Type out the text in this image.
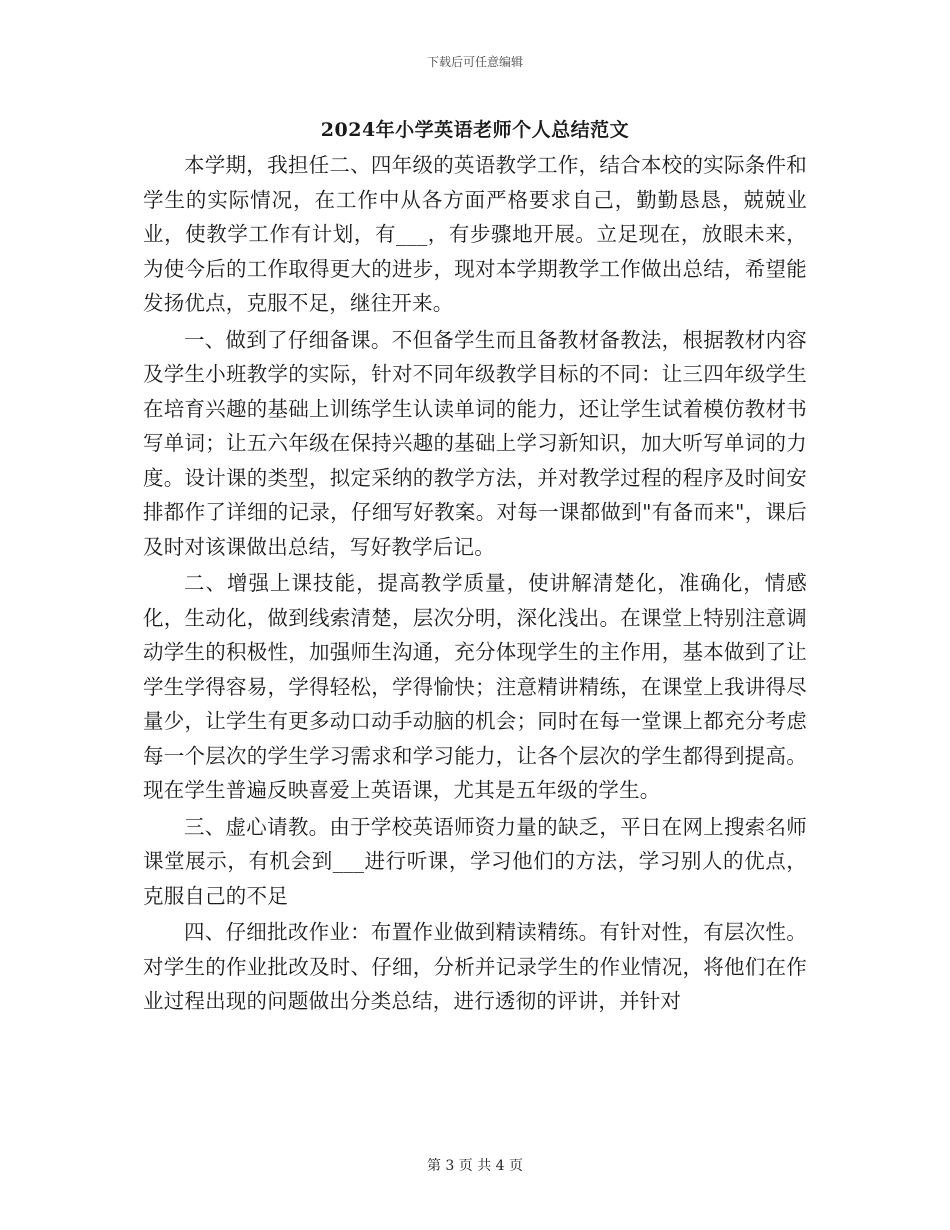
下载后可任意编辑
2024年小学英语老师个人总结范文

本学期，我担任二、四年级的英语教学工作，结合本校的实际条件和学生的实际情况，在工作中从各方面严格要求自己，勤勤恳恳，兢兢业业，使教学工作有计划，有___，有步骤地开展。立足现在，放眼未来，为使今后的工作取得更大的进步，现对本学期教学工作做出总结，希望能发扬优点，克服不足，继往开来。

一、做到了仔细备课。不但备学生而且备教材备教法，根据教材内容及学生小班教学的实际，针对不同年级教学目标的不同：让三四年级学生在培育兴趣的基础上训练学生认读单词的能力，还让学生试着模仿教材书写单词；让五六年级在保持兴趣的基础上学习新知识，加大听写单词的力度。设计课的类型，拟定采纳的教学方法，并对教学过程的程序及时间安排都作了详细的记录，仔细写好教案。对每一课都做到"有备而来"，课后及时对该课做出总结，写好教学后记。

二、增强上课技能，提高教学质量，使讲解清楚化，准确化，情感化，生动化，做到线索清楚，层次分明，深化浅出。在课堂上特别注意调动学生的积极性，加强师生沟通，充分体现学生的主作用，基本做到了让学生学得容易，学得轻松，学得愉快；注意精讲精练，在课堂上我讲得尽量少，让学生有更多动口动手动脑的机会；同时在每一堂课上都充分考虑每一个层次的学生学习需求和学习能力，让各个层次的学生都得到提高。现在学生普遍反映喜爱上英语课，尤其是五年级的学生。

三、虚心请教。由于学校英语师资力量的缺乏，平日在网上搜索名师课堂展示，有机会到___进行听课，学习他们的方法，学习别人的优点，克服自己的不足

四、仔细批改作业：布置作业做到精读精练。有针对性，有层次性。对学生的作业批改及时、仔细，分析并记录学生的作业情况，将他们在作业过程出现的问题做出分类总结，进行透彻的评讲，并针对

第 3 页 共 4 页
